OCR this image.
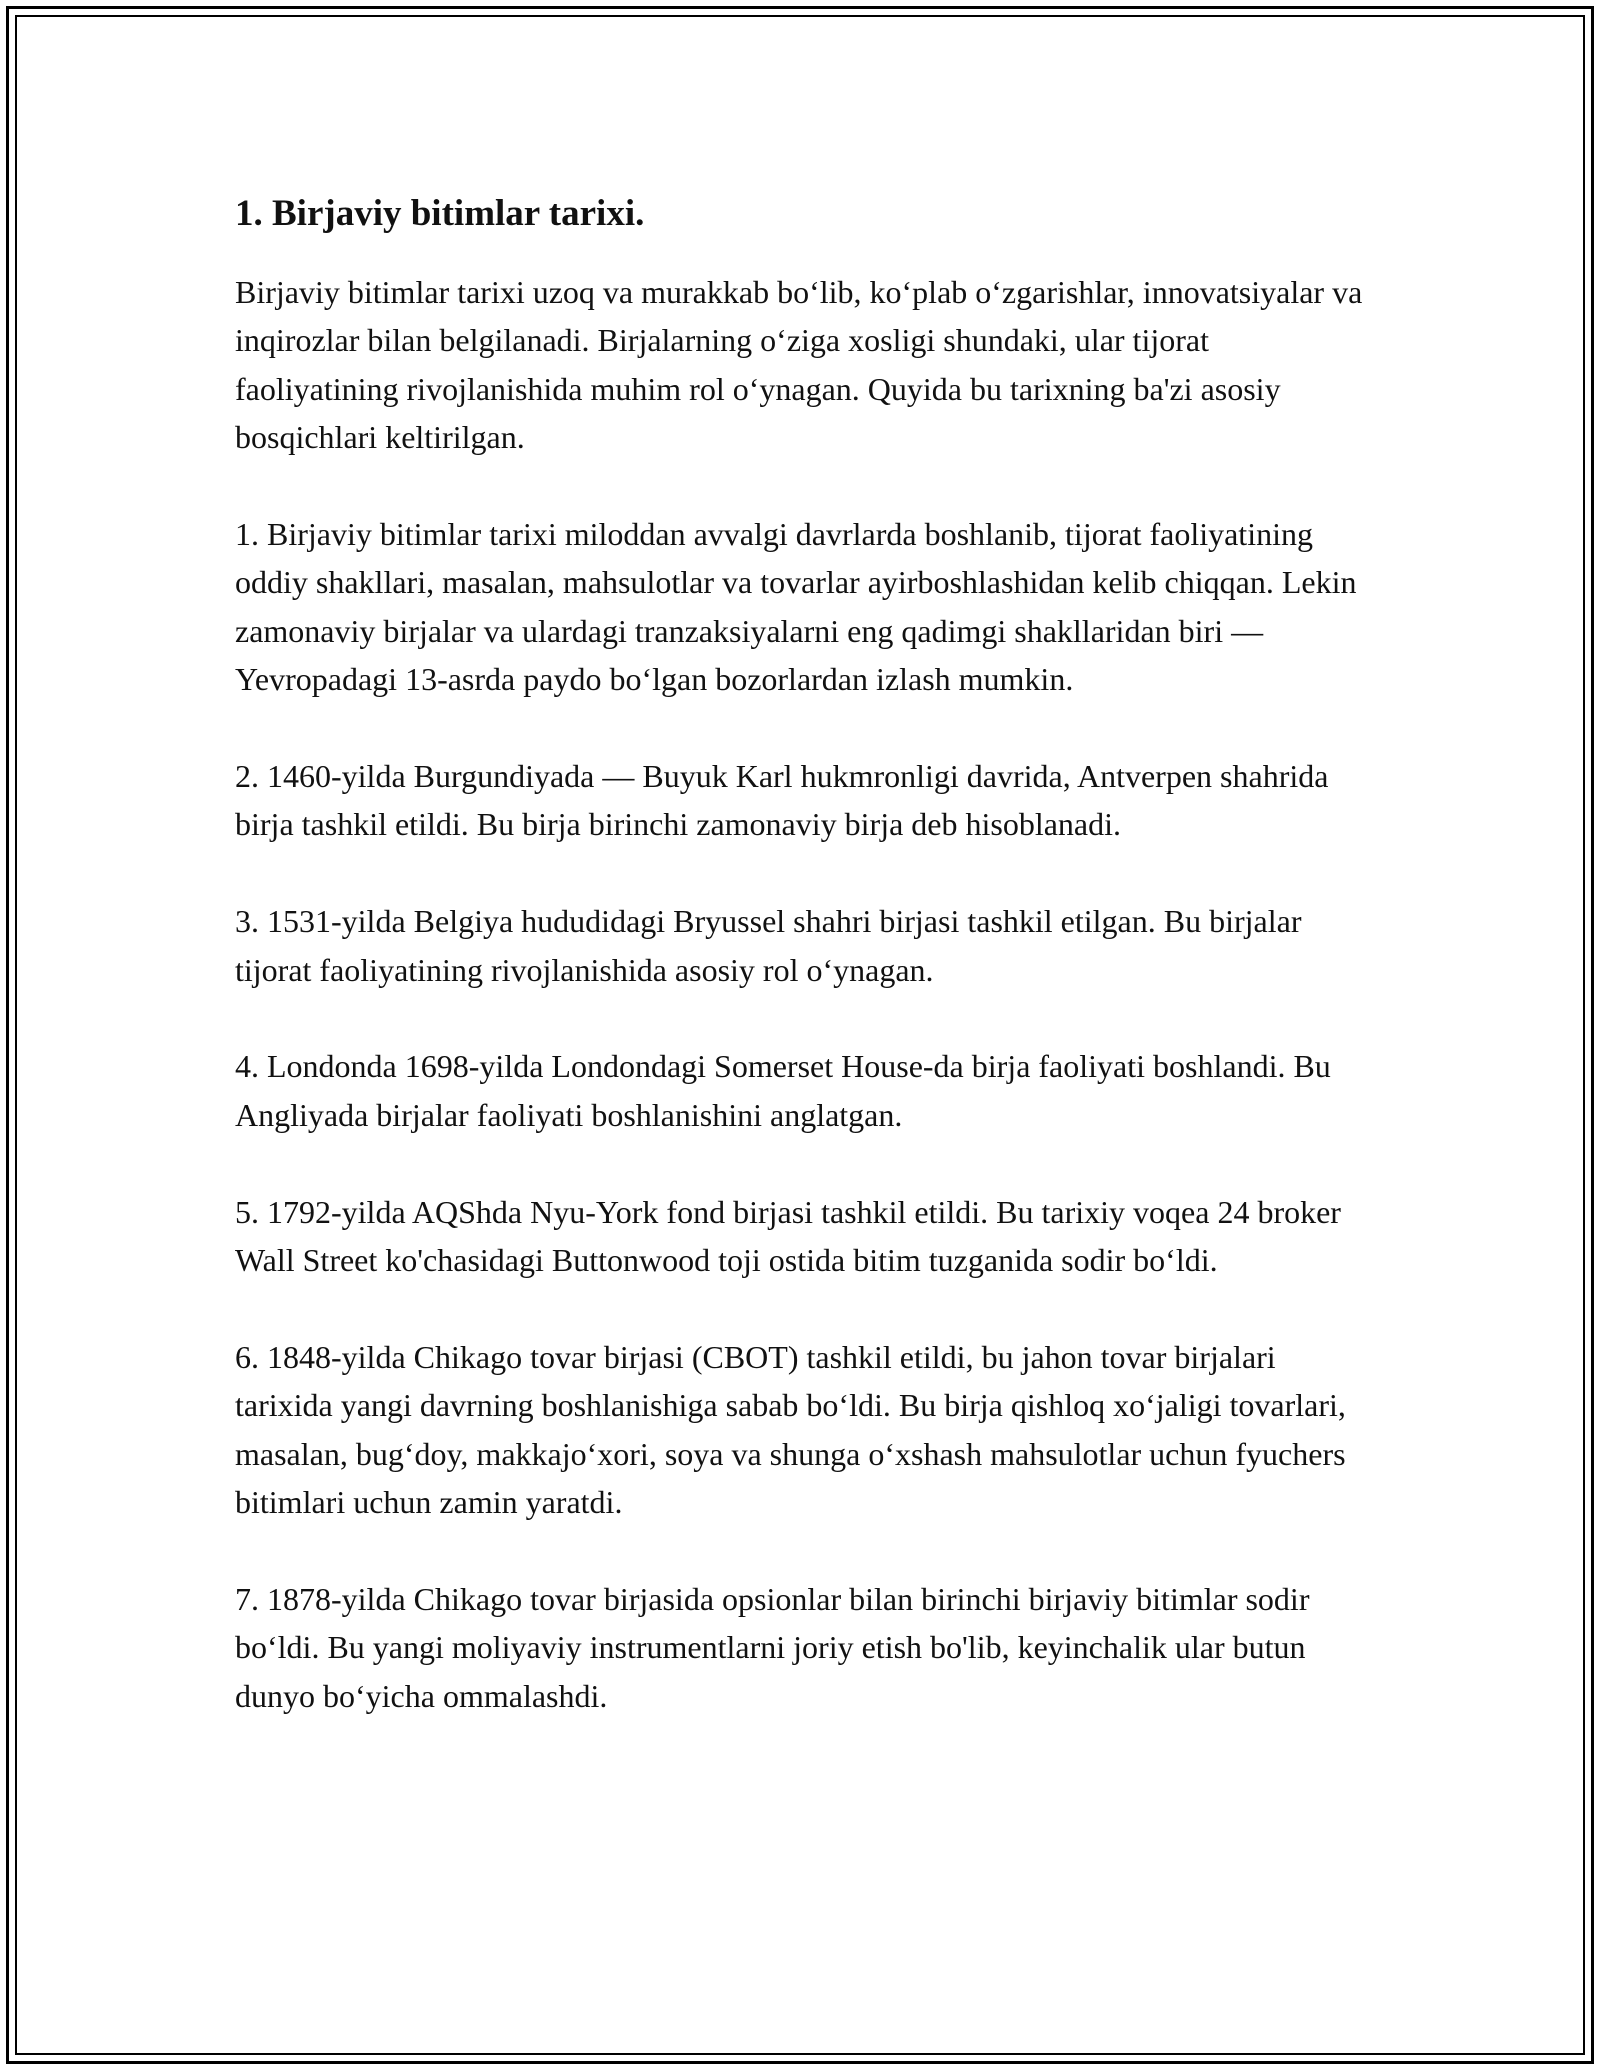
1. Birjaviy bitimlar tarixi.

Birjaviy bitimlar tarixi uzoq va murakkab bo‘lib, ko‘plab o‘zgarishlar, innovatsiyalar va inqirozlar bilan belgilanadi. Birjalarning o‘ziga xosligi shundaki, ular tijorat faoliyatining rivojlanishida muhim rol o‘ynagan. Quyida bu tarixning ba'zi asosiy bosqichlari keltirilgan.

1. Birjaviy bitimlar tarixi miloddan avvalgi davrlarda boshlanib, tijorat faoliyatining oddiy shakllari, masalan, mahsulotlar va tovarlar ayirboshlashidan kelib chiqqan. Lekin zamonaviy birjalar va ulardagi tranzaksiyalarni eng qadimgi shakllaridan biri — Yevropadagi 13-asrda paydo bo‘lgan bozorlardan izlash mumkin.

2. 1460-yilda Burgundiyada — Buyuk Karl hukmronligi davrida, Antverpen shahrida birja tashkil etildi. Bu birja birinchi zamonaviy birja deb hisoblanadi.

3. 1531-yilda Belgiya hududidagi Bryussel shahri birjasi tashkil etilgan. Bu birjalar tijorat faoliyatining rivojlanishida asosiy rol o‘ynagan.

4. Londonda 1698-yilda Londondagi Somerset House-da birja faoliyati boshlandi. Bu Angliyada birjalar faoliyati boshlanishini anglatgan.

5. 1792-yilda AQShda Nyu-York fond birjasi tashkil etildi. Bu tarixiy voqea 24 broker Wall Street ko'chasidagi Buttonwood toji ostida bitim tuzganida sodir bo‘ldi.

6. 1848-yilda Chikago tovar birjasi (CBOT) tashkil etildi, bu jahon tovar birjalari tarixida yangi davrning boshlanishiga sabab bo‘ldi. Bu birja qishloq xo‘jaligi tovarlari, masalan, bug‘doy, makkajo‘xori, soya va shunga o‘xshash mahsulotlar uchun fyuchers bitimlari uchun zamin yaratdi.

7. 1878-yilda Chikago tovar birjasida opsionlar bilan birinchi birjaviy bitimlar sodir bo‘ldi. Bu yangi moliyaviy instrumentlarni joriy etish bo'lib, keyinchalik ular butun dunyo bo‘yicha ommalashdi.
